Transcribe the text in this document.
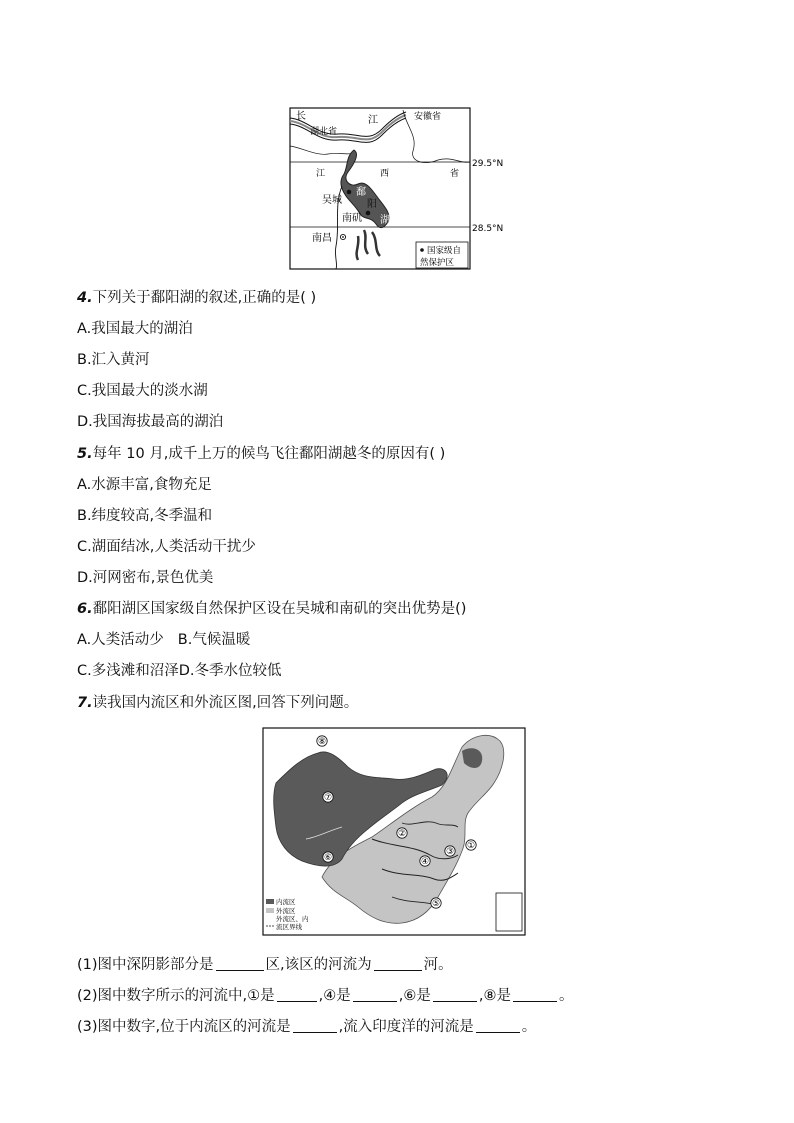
长	江	安徽省
湖北省
江	西	省
吴城
南矶
南昌
鄱
阳
湖
29.5°N
28.5°N
国家级自
然保护区
4.下列关于鄱阳湖的叙述,正确的是( )
A.我国最大的湖泊
B.汇入黄河
C.我国最大的淡水湖
D.我国海拔最高的湖泊
5.每年 10 月,成千上万的候鸟飞往鄱阳湖越冬的原因有( )
A.水源丰富,食物充足
B.纬度较高,冬季温和
C.湖面结冰,人类活动干扰少
D.河网密布,景色优美
6.鄱阳湖区国家级自然保护区设在吴城和南矶的突出优势是()
A.人类活动少 B.气候温暖
C.多浅滩和沼泽D.冬季水位较低
7.读我国内流区和外流区图,回答下列问题。
①
②
③
④
⑤
⑥
⑦
⑧
内流区
外流区
外流区、内
流区界线
(1)图中深阴影部分是	区,该区的河流为	河。
(2)图中数字所示的河流中,①是	,④是	,⑥是	,⑧是	。
(3)图中数字,位于内流区的河流是	,流入印度洋的河流是	。
